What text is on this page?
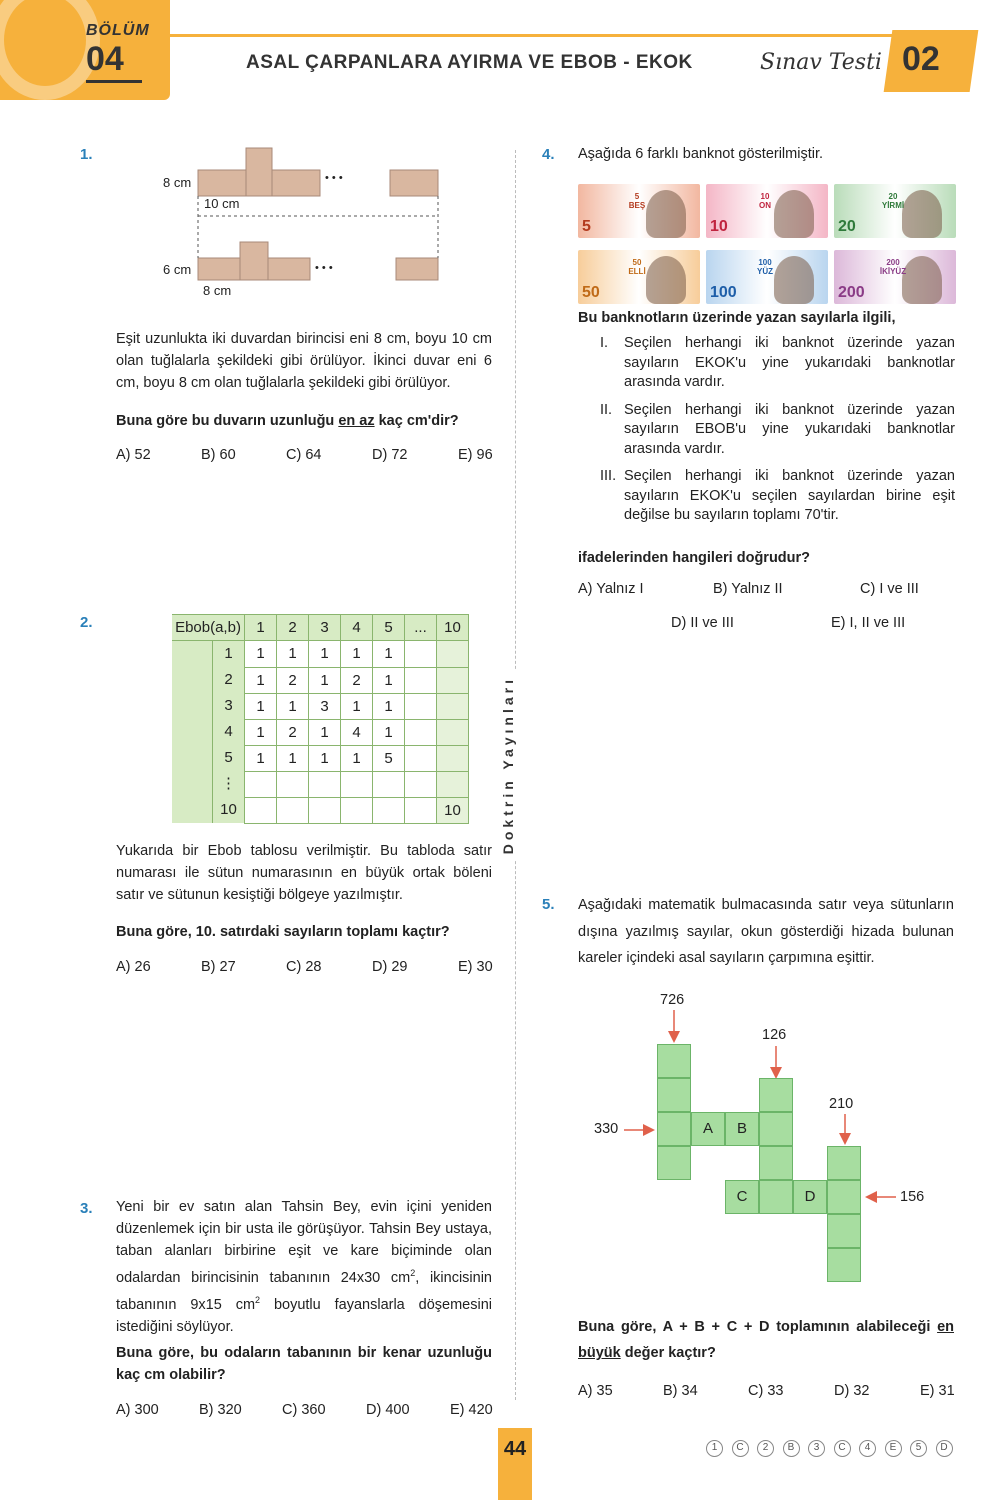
BÖLÜM
04	ASAL ÇARPANLARA AYIRMA VE EBOB - EKOK	Sınav Testi 02
Doktrin Yayınları
1.
8 cm
10 cm
• • •
6 cm
8 cm
• • •
Eşit uzunlukta iki duvardan birincisi eni 8 cm, boyu 10 cm olan tuğlalarla şekildeki gibi örülüyor. İkinci duvar eni 6 cm, boyu 8 cm olan tuğlalarla şekildeki gibi örülüyor.
Buna göre bu duvarın uzunluğu en az kaç cm'dir?
A) 52	B) 60	C) 64	D) 72	E) 96
2.	Ebob(a,b)	1	2	3	4	5	...	10

1	1	1	1	1	1		

2	1	2	1	2	1		

3	1	1	3	1	1		

4	1	2	1	4	1		

5	1	1	1	1	5		

⋮							

10							10
Yukarıda bir Ebob tablosu verilmiştir. Bu tabloda satır numarası ile sütun numarasının en büyük ortak böleni satır ve sütunun kesiştiği bölgeye yazılmıştır.
Buna göre, 10. satırdaki sayıların toplamı kaçtır?
A) 26	B) 27	C) 28	D) 29	E) 30
3. Yeni bir ev satın alan Tahsin Bey, evin içini yeniden düzenlemek için bir usta ile görüşüyor. Tahsin Bey ustaya, taban alanları birbirine eşit ve kare biçiminde olan odalardan birincisinin tabanının 24x30 $cm^2$, ikincisinin tabanının 9x15 $cm^2$ boyutlu fayanslarla döşemesini istediğini söylüyor.
Buna göre, bu odaların tabanının bir kenar uzunluğu kaç cm olabilir?
A) 300	B) 320	C) 360	D) 400	E) 420
4. Aşağıda 6 farklı banknot gösterilmiştir.
5
BEŞ
5
10
ON
10
20
YİRMİ
20
50
ELLİ
50
100
YÜZ
100
200
İKİYÜZ
200
Bu banknotların üzerinde yazan sayılarla ilgili,
I.	Seçilen herhangi iki banknot üzerinde yazan sayıların EKOK'u yine yukarıdaki banknotlar arasında vardır.
II. Seçilen herhangi iki banknot üzerinde yazan sayıların EBOB'u yine yukarıdaki banknotlar arasında vardır.
III. Seçilen herhangi iki banknot üzerinde yazan sayıların EKOK'u seçilen sayılardan birine eşit değilse bu sayıların toplamı 70'tir.
ifadelerinden hangileri doğrudur?
A) Yalnız I	B) Yalnız II	C) I ve III
D) II ve III	E) I, II ve III
5. Aşağıdaki matematik bulmacasında satır veya sütunların dışına yazılmış sayılar, okun gösterdiği hizada bulunan kareler içindeki asal sayıların çarpımına eşittir.
726
126
210
330
156
A	B
C	D
Buna göre, A + B + C + D toplamının alabileceği en büyük değer kaçtır?
A) 35	B) 34	C) 33	D) 32	E) 31
44	1	C	2	B	3	C	4	E	5	D
